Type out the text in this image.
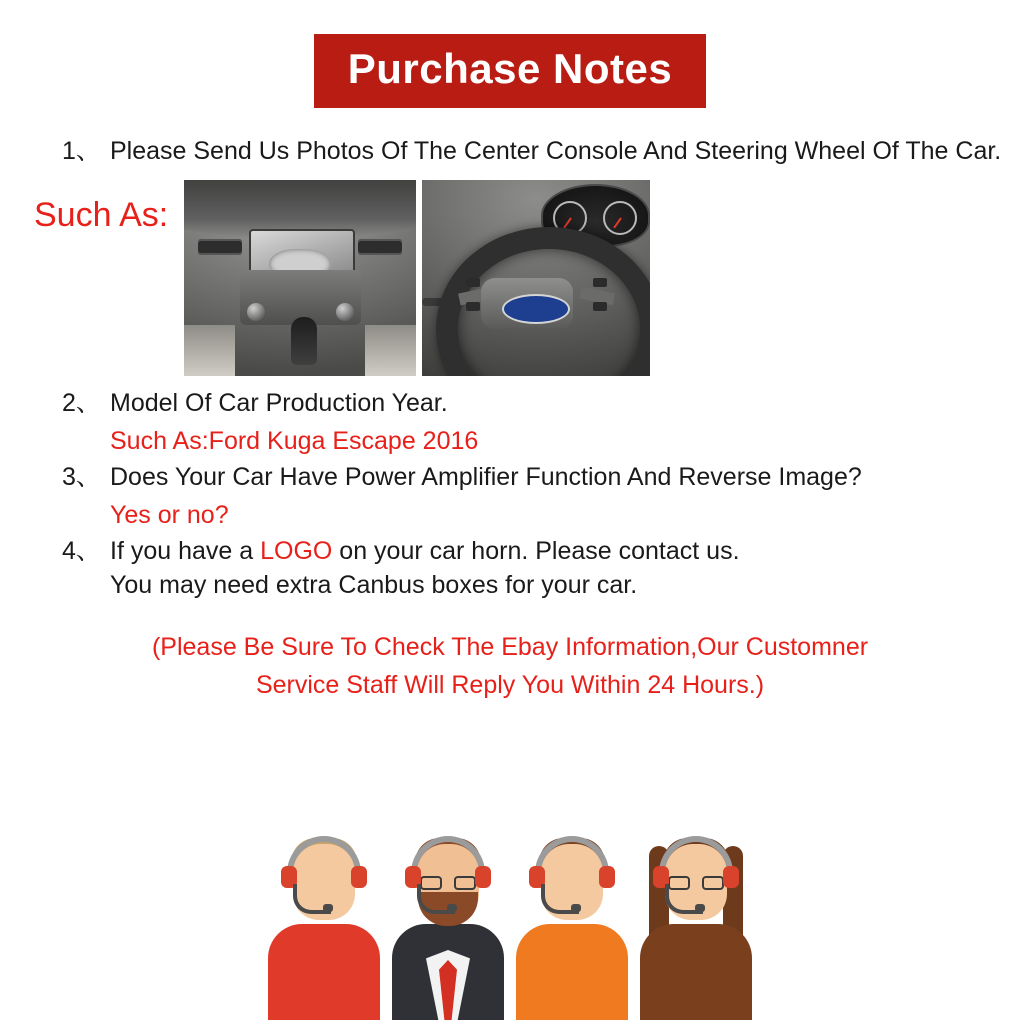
Purchase Notes
1、 Please Send Us Photos Of The Center Console And Steering Wheel Of The Car.
Such As:
2、 Model Of Car Production Year.
Such As:Ford Kuga Escape 2016
3、 Does Your Car Have Power Amplifier Function And Reverse Image?
Yes or no?
4、 If you have a LOGO on your car horn. Please contact us.
You may need extra Canbus boxes for your car.
(Please Be Sure To Check The Ebay Information,Our Customner
Service Staff Will Reply You Within 24 Hours.)
